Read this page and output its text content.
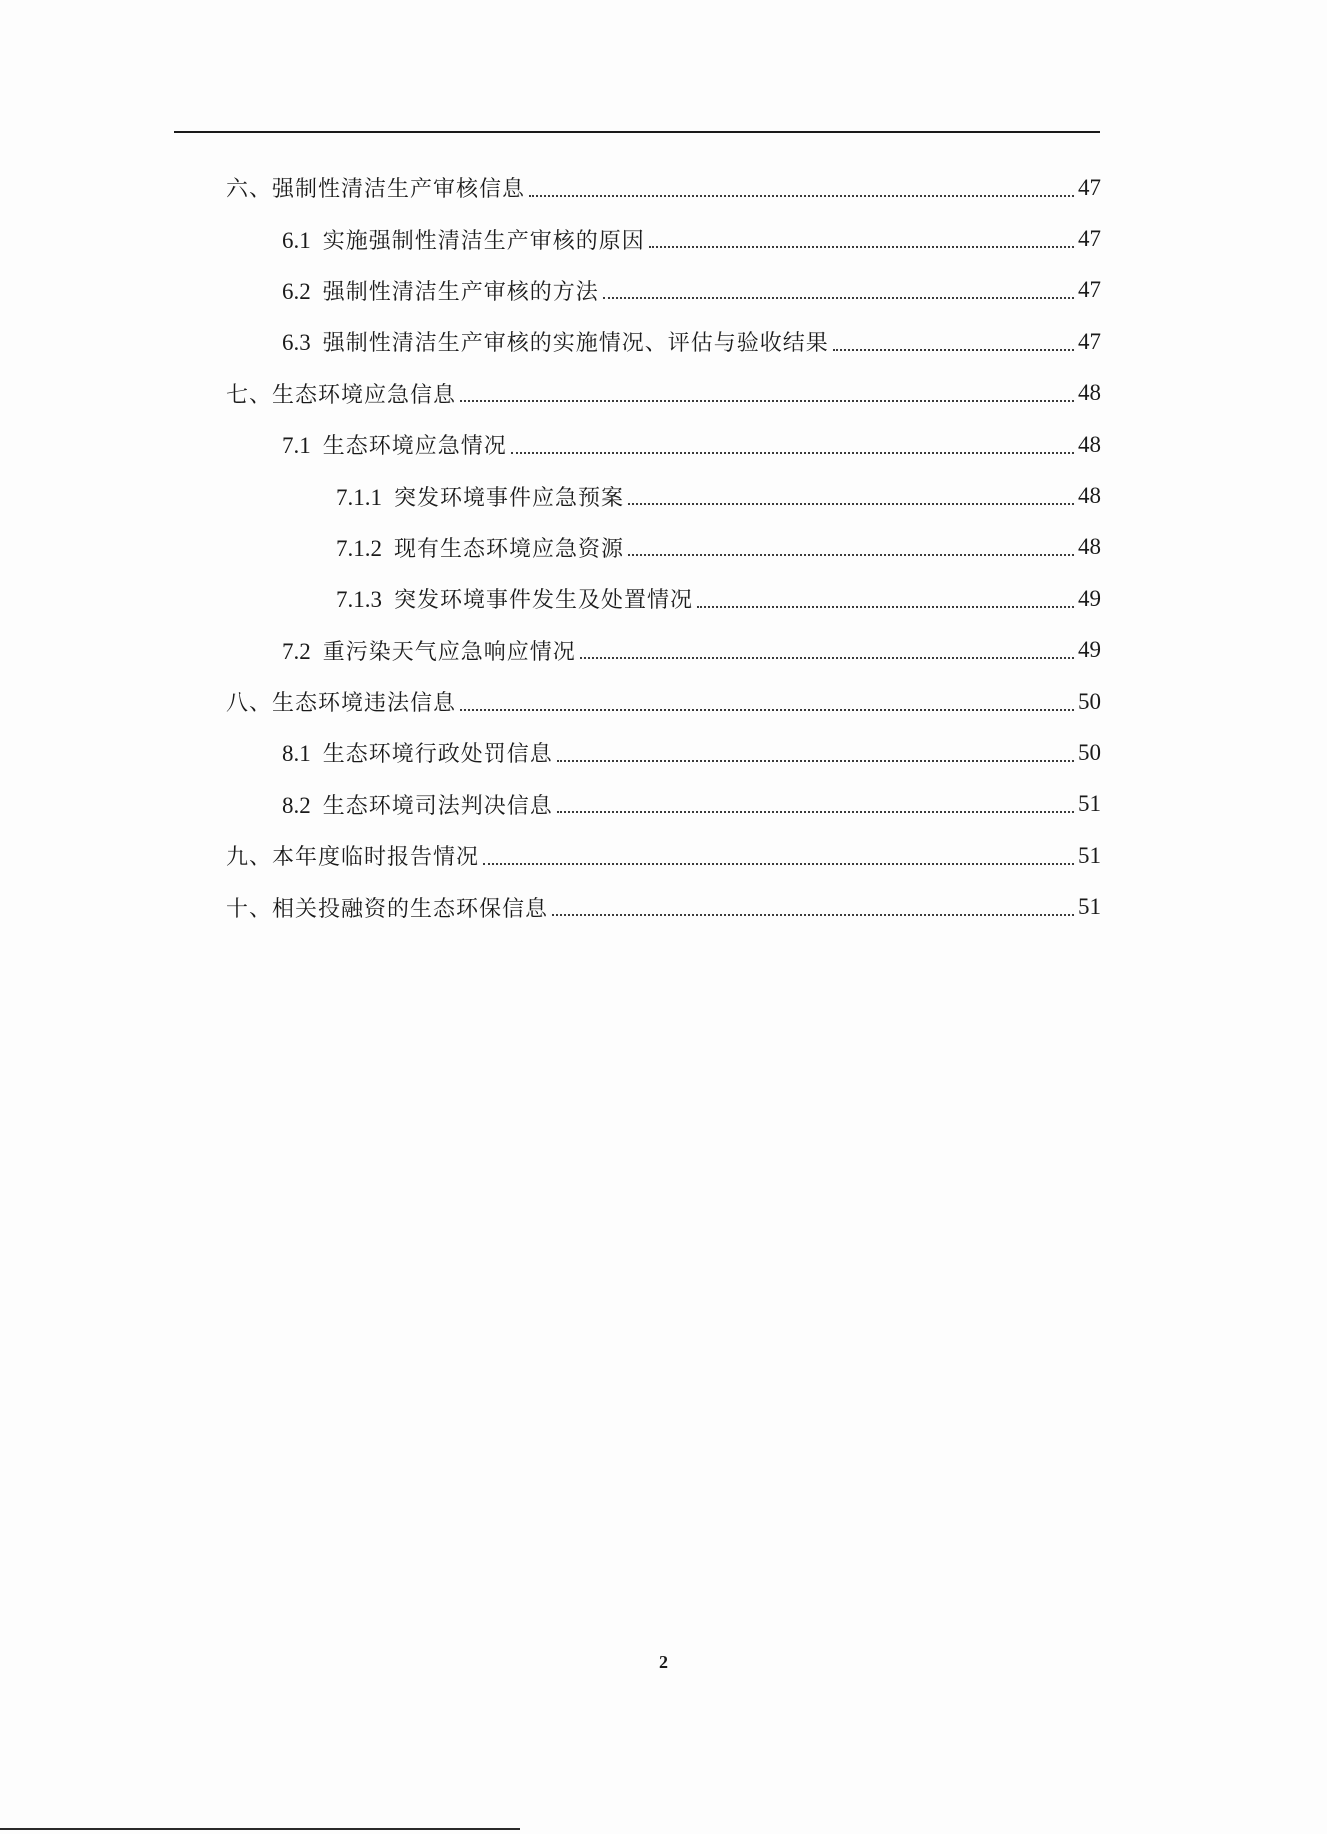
六、强制性清洁生产审核信息	47
6.1 实施强制性清洁生产审核的原因	47
6.2 强制性清洁生产审核的方法	47
6.3 强制性清洁生产审核的实施情况、评估与验收结果	47
七、生态环境应急信息	48
7.1 生态环境应急情况	48
7.1.1 突发环境事件应急预案	48
7.1.2 现有生态环境应急资源	48
7.1.3 突发环境事件发生及处置情况	49
7.2 重污染天气应急响应情况	49
八、生态环境违法信息	50
8.1 生态环境行政处罚信息	50
8.2 生态环境司法判决信息	51
九、本年度临时报告情况	51
十、相关投融资的生态环保信息	51
2
